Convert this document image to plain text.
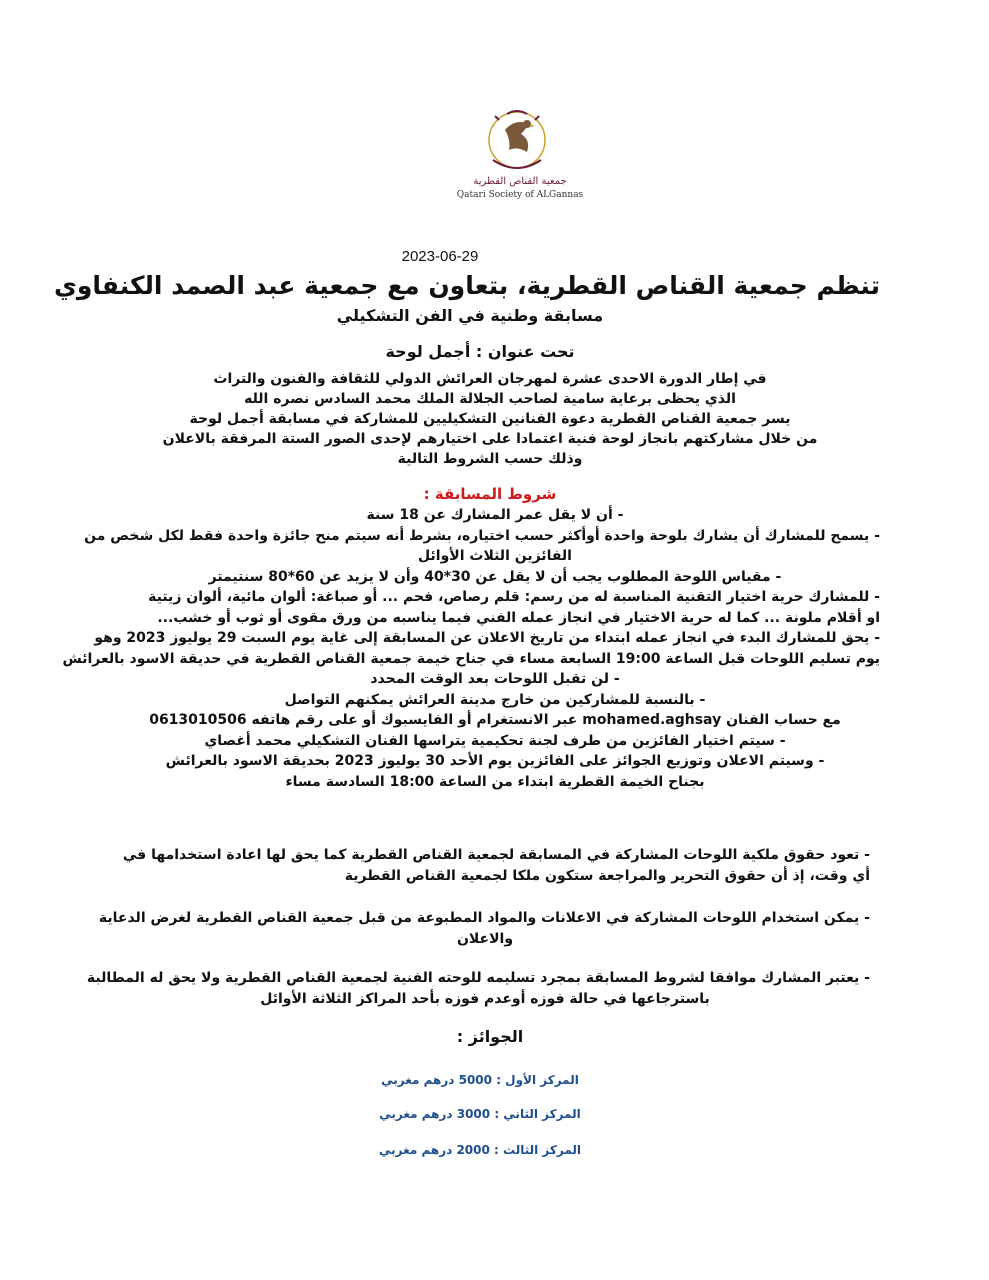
جمعية القناص القطرية
Qatari Society of ALGannas
2023-06-29
تنظم جمعية القناص القطرية، بتعاون مع جمعية عبد الصمد الكنفاوي
مسابقة وطنية في الفن التشكيلي
تحت عنوان : أجمل لوحة
في إطار الدورة الاحدى عشرة لمهرجان العرائش الدولي للثقافة والفنون والتراث
الذي يحظى برعاية سامية لصاحب الجلالة الملك محمد السادس نصره الله
يسر جمعية القناص القطرية دعوة الفنانين التشكيليين للمشاركة في مسابقة أجمل لوحة
من خلال مشاركتهم بانجاز لوحة فنية اعتمادا على اختيارهم لإحدى الصور الستة المرفقة بالاعلان
وذلك حسب الشروط التالية
شروط المسابقة :
- أن لا يقل عمر المشارك عن 18 سنة
- يسمح للمشارك أن يشارك بلوحة واحدة أوأكثر حسب اختياره، بشرط أنه سيتم منح جائزة واحدة فقط لكل شخص من
الفائزين الثلاث الأوائل
- مقياس اللوحة المطلوب يجب أن لا يقل عن 30*40 وأن لا يزيد عن 60*80 سنتيمتر
- للمشارك حرية اختيار التقنية المناسبة له من رسم: قلم رصاص، فحم ... أو صباغة: ألوان مائية، ألوان زيتية
او أقلام ملونة ... كما له حرية الاختيار في انجاز عمله الفني فيما يناسبه من ورق مقوى أو ثوب أو خشب...
- يحق للمشارك البدء في انجاز عمله ابتداء من تاريخ الاعلان عن المسابقة إلى غاية يوم السبت 29 يوليوز 2023 وهو
يوم تسليم اللوحات قبل الساعة 19:00 السابعة مساء في جناح خيمة جمعية القناص القطرية في حديقة الاسود بالعرائش
- لن تقبل اللوحات بعد الوقت المحدد
- بالنسبة للمشاركين من خارج مدينة العرائش يمكنهم التواصل
مع حساب الفنان mohamed.aghsay عبر الانستغرام أو الفايسبوك أو على رقم هاتفه 0613010506
- سيتم اختيار الفائزين من طرف لجنة تحكيمية يتراسها الفنان التشكيلي محمد أغصاي
- وسيتم الاعلان وتوزيع الجوائز على الفائزين يوم الأحد 30 يوليوز 2023 بحديقة الاسود بالعرائش
بجناح الخيمة القطرية ابتداء من الساعة 18:00 السادسة مساء
- تعود حقوق ملكية اللوحات المشاركة في المسابقة لجمعية القناص القطرية كما يحق لها اعادة استخدامها في
أي وقت، إذ أن حقوق التحرير والمراجعة ستكون ملكا لجمعية القناص القطرية
- يمكن استخدام اللوحات المشاركة في الاعلانات والمواد المطبوعة من قبل جمعية القناص القطرية لغرض الدعاية
والاعلان
- يعتبر المشارك موافقا لشروط المسابقة بمجرد تسليمه للوحته الفنية لجمعية القناص القطرية ولا يحق له المطالبة
باسترجاعها في حالة فوزه أوعدم فوزه بأحد المراكز الثلاثة الأوائل
الجوائز :
المركز الأول : 5000 درهم مغربي
المركز الثاني : 3000 درهم مغربي
المركز الثالث : 2000 درهم مغربي
